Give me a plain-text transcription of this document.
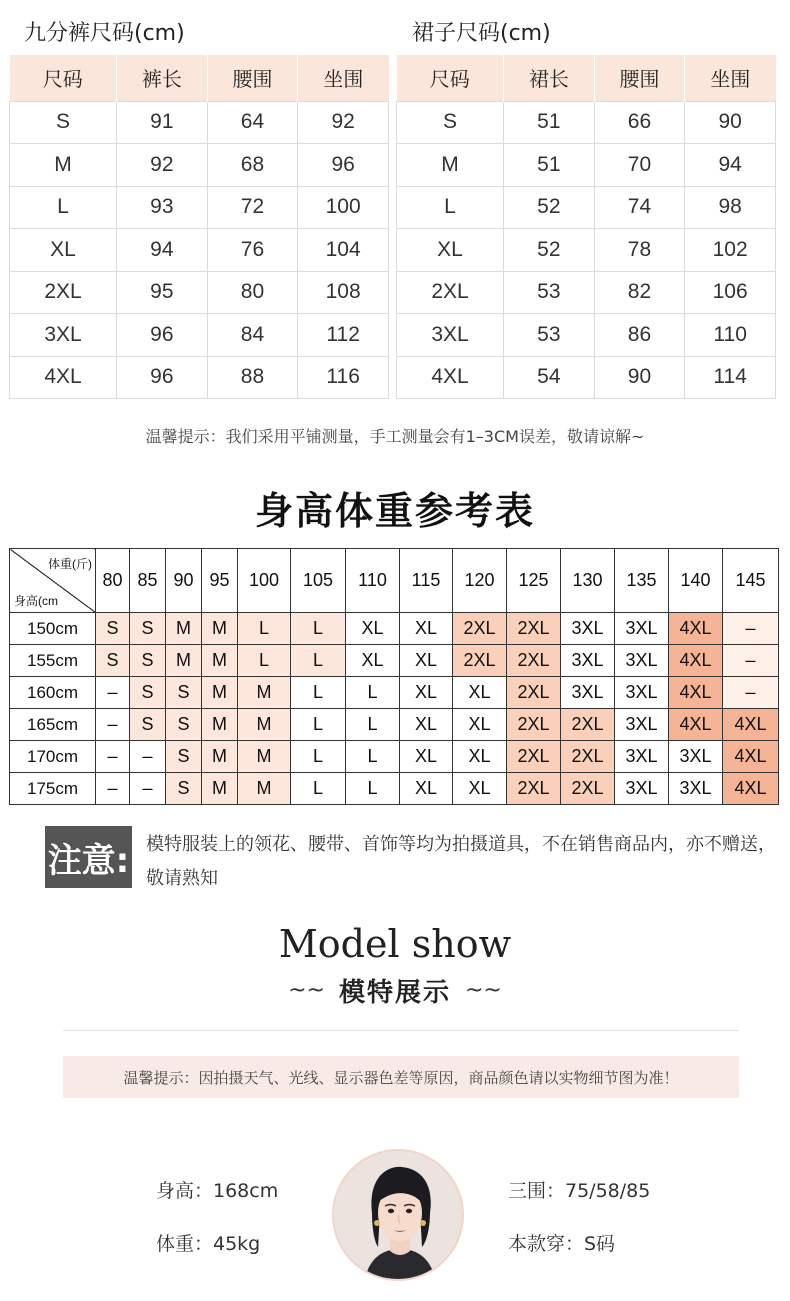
九分裤尺码(cm)	裙子尺码(cm)
尺码	裤长	腰围	坐围
S	91	64	92
M	92	68	96
L	93	72	100
XL	94	76	104
2XL	95	80	108
3XL	96	84	112
4XL	96	88	116
尺码	裙长	腰围	坐围
S	51	66	90
M	51	70	94
L	52	74	98
XL	52	78	102
2XL	53	82	106
3XL	53	86	110
4XL	54	90	114
温馨提示：我们采用平铺测量，手工测量会有1–3CM误差，敬请谅解~
身高体重参考表
体重(斤)
身高(cm	80	85	90	95	100	105	110	115	120	125	130	135	140	145
150cm	S	S	M	M	L	L	XL	XL	2XL	2XL	3XL	3XL	4XL	–
155cm	S	S	M	M	L	L	XL	XL	2XL	2XL	3XL	3XL	4XL	–
160cm	–	S	S	M	M	L	L	XL	XL	2XL	3XL	3XL	4XL	–
165cm	–	S	S	M	M	L	L	XL	XL	2XL	2XL	3XL	4XL	4XL
170cm	–	–	S	M	M	L	L	XL	XL	2XL	2XL	3XL	3XL	4XL
175cm	–	–	S	M	M	L	L	XL	XL	2XL	2XL	3XL	3XL	4XL
注意: 模特服装上的领花、腰带、首饰等均为拍摄道具，不在销售商品内，亦不赠送，敬请熟知
Model show
~~ 模特展示 ~~
温馨提示：因拍摄天气、光线、显示器色差等原因，商品颜色请以实物细节图为准！
身高：168cm
体重：45kg
三围：75/58/85
本款穿：S码
